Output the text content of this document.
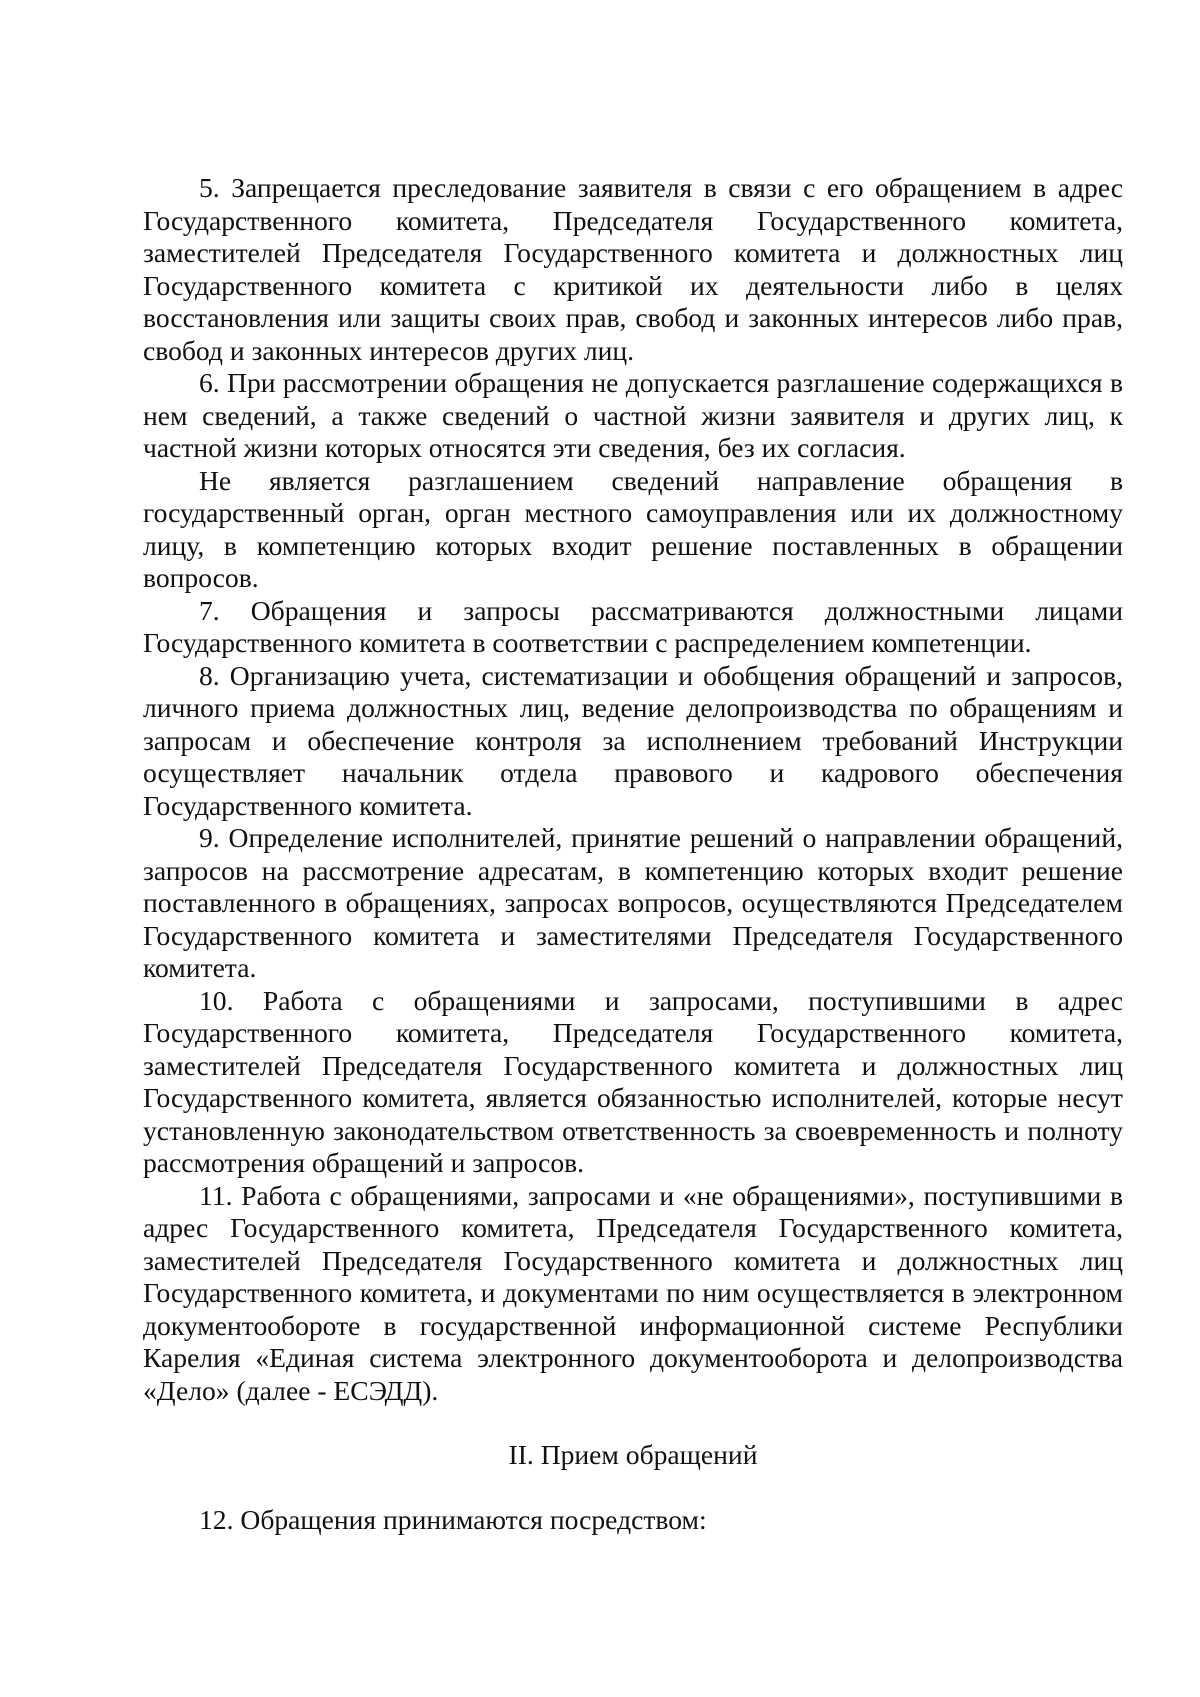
5. Запрещается преследование заявителя в связи с его обращением в адрес Государственного комитета, Председателя Государственного комитета, заместителей Председателя Государственного комитета и должностных лиц Государственного комитета с критикой их деятельности либо в целях восстановления или защиты своих прав, свобод и законных интересов либо прав, свобод и законных интересов других лиц.

6. При рассмотрении обращения не допускается разглашение содержащихся в нем сведений, а также сведений о частной жизни заявителя и других лиц, к частной жизни которых относятся эти сведения, без их согласия.

Не является разглашением сведений направление обращения в государственный орган, орган местного самоуправления или их должностному лицу, в компетенцию которых входит решение поставленных в обращении вопросов.

7. Обращения и запросы рассматриваются должностными лицами Государственного комитета в соответствии с распределением компетенции.

8. Организацию учета, систематизации и обобщения обращений и запросов, личного приема должностных лиц, ведение делопроизводства по обращениям и запросам и обеспечение контроля за исполнением требований Инструкции осуществляет начальник отдела правового и кадрового обеспечения Государственного комитета.

9. Определение исполнителей, принятие решений о направлении обращений, запросов на рассмотрение адресатам, в компетенцию которых входит решение поставленного в обращениях, запросах вопросов, осуществляются Председателем Государственного комитета и заместителями Председателя Государственного комитета.

10. Работа с обращениями и запросами, поступившими в адрес Государственного комитета, Председателя Государственного комитета, заместителей Председателя Государственного комитета и должностных лиц Государственного комитета, является обязанностью исполнителей, которые несут установленную законодательством ответственность за своевременность и полноту рассмотрения обращений и запросов.

11. Работа с обращениями, запросами и «не обращениями», поступившими в адрес Государственного комитета, Председателя Государственного комитета, заместителей Председателя Государственного комитета и должностных лиц Государственного комитета, и документами по ним осуществляется в электронном документообороте в государственной информационной системе Республики Карелия «Единая система электронного документооборота и делопроизводства «Дело» (далее - ЕСЭДД).

II. Прием обращений

12. Обращения принимаются посредством:
